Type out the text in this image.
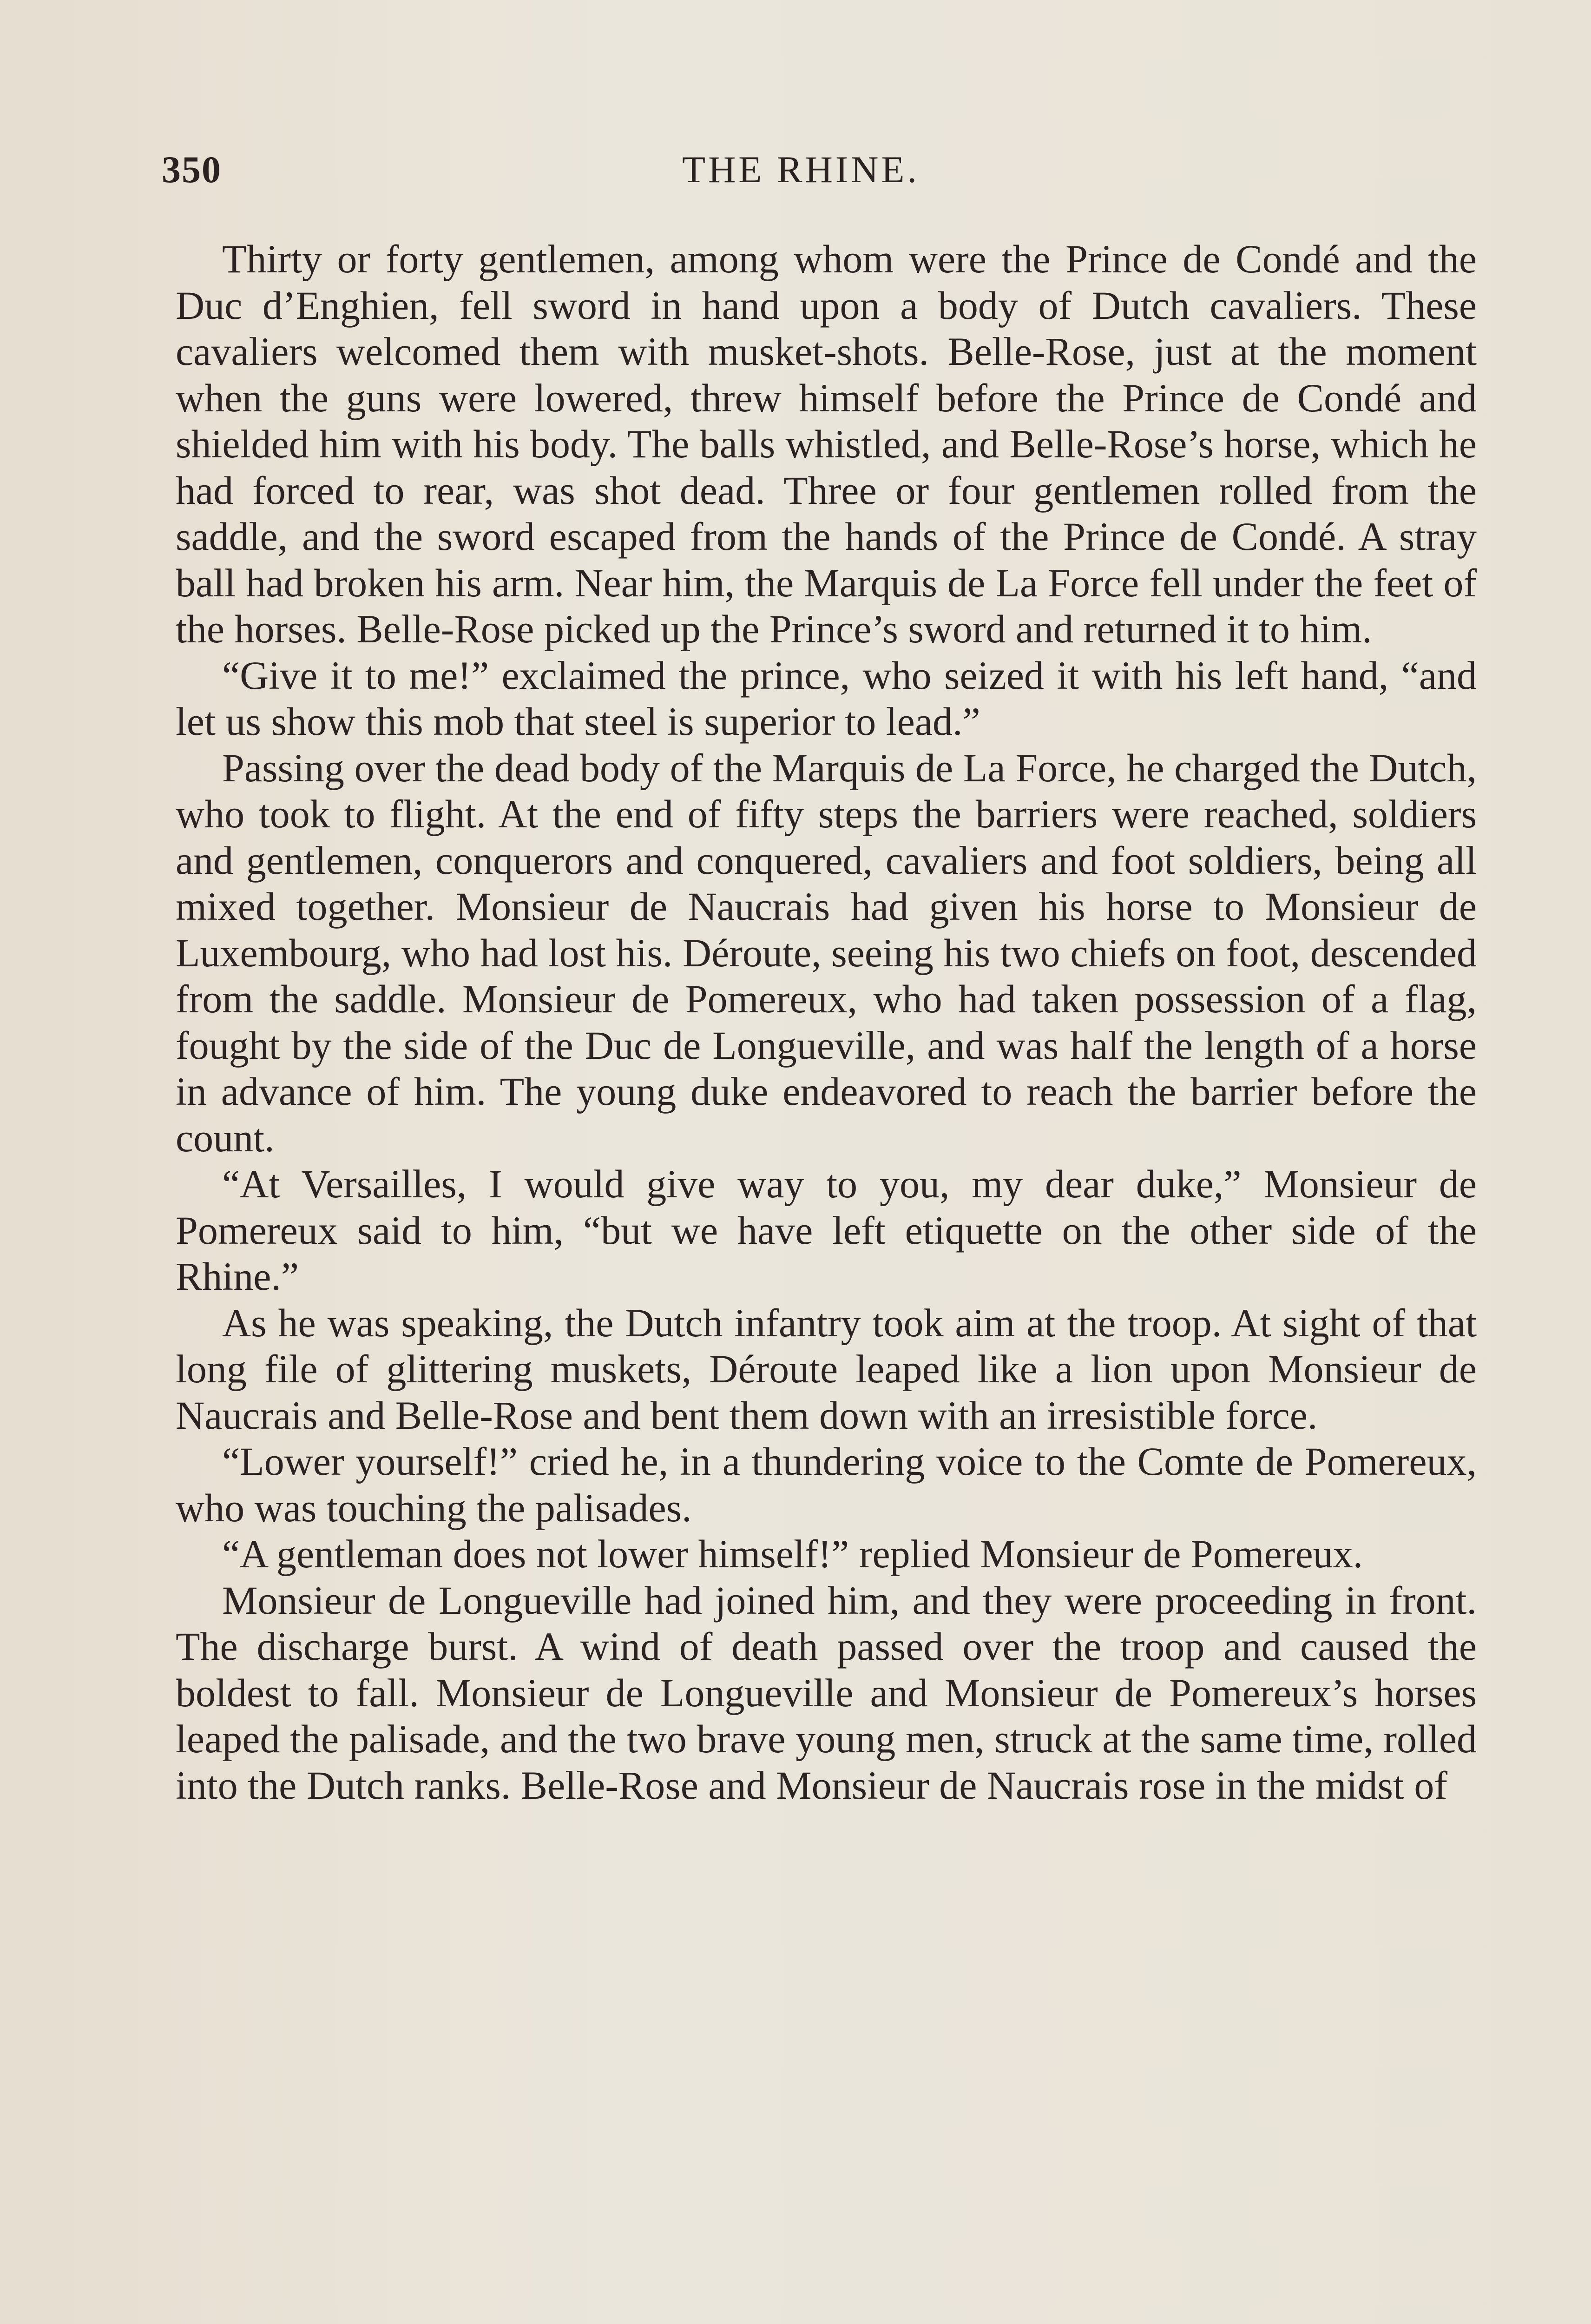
350	THE RHINE.

Thirty or forty gentlemen, among whom were the Prince de Condé and the Duc d’Enghien, fell sword in hand upon a body of Dutch cavaliers. These cavaliers welcomed them with musket-shots. Belle-Rose, just at the moment when the guns were lowered, threw himself before the Prince de Condé and shielded him with his body. The balls whistled, and Belle-Rose’s horse, which he had forced to rear, was shot dead. Three or four gentlemen rolled from the saddle, and the sword escaped from the hands of the Prince de Condé. A stray ball had broken his arm. Near him, the Marquis de La Force fell under the feet of the horses. Belle-Rose picked up the Prince’s sword and returned it to him.

“Give it to me!” exclaimed the prince, who seized it with his left hand, “and let us show this mob that steel is superior to lead.”

Passing over the dead body of the Marquis de La Force, he charged the Dutch, who took to flight. At the end of fifty steps the barriers were reached, soldiers and gentlemen, conquerors and conquered, cavaliers and foot soldiers, being all mixed together. Monsieur de Naucrais had given his horse to Monsieur de Luxembourg, who had lost his. Déroute, seeing his two chiefs on foot, descended from the saddle. Monsieur de Pomereux, who had taken possession of a flag, fought by the side of the Duc de Longueville, and was half the length of a horse in advance of him. The young duke endeavored to reach the barrier before the count.

“At Versailles, I would give way to you, my dear duke,” Monsieur de Pomereux said to him, “but we have left etiquette on the other side of the Rhine.”

As he was speaking, the Dutch infantry took aim at the troop. At sight of that long file of glittering muskets, Déroute leaped like a lion upon Monsieur de Naucrais and Belle-Rose and bent them down with an irresistible force.

“Lower yourself!” cried he, in a thundering voice to the Comte de Pomereux, who was touching the palisades.

“A gentleman does not lower himself!” replied Monsieur de Pomereux.

Monsieur de Longueville had joined him, and they were proceeding in front. The discharge burst. A wind of death passed over the troop and caused the boldest to fall. Monsieur de Longueville and Monsieur de Pomereux’s horses leaped the palisade, and the two brave young men, struck at the same time, rolled into the Dutch ranks. Belle-Rose and Monsieur de Naucrais rose in the midst of
